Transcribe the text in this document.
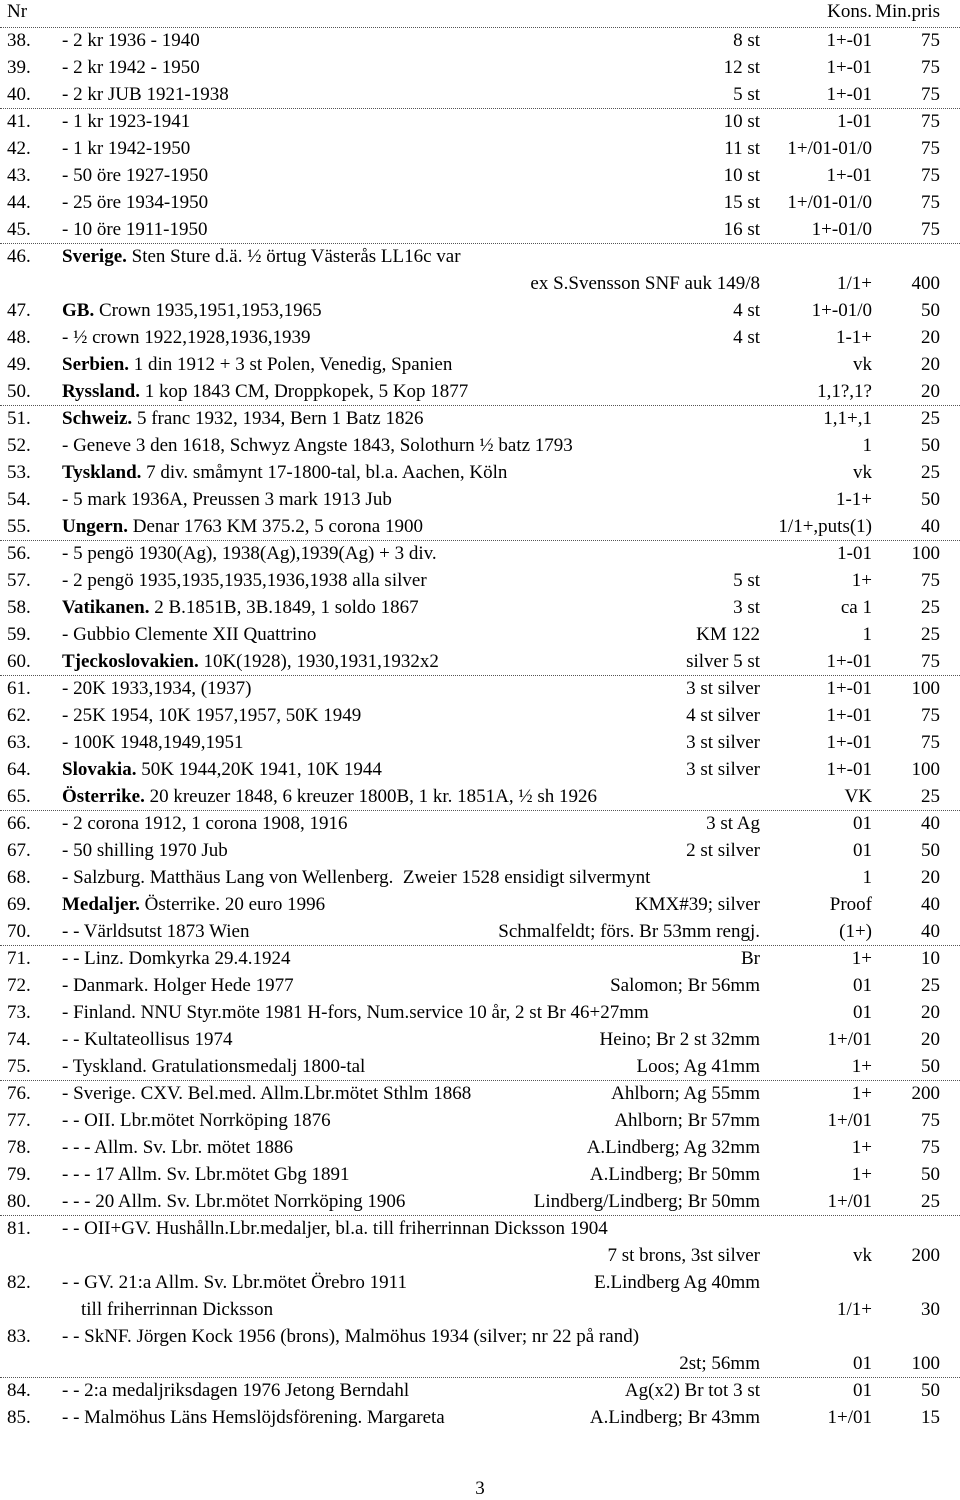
Nr	Kons. Min.pris
38. - 2 kr 1936 - 1940	8 st	1+-01	75
39. - 2 kr 1942 - 1950	12 st	1+-01	75
40. - 2 kr JUB 1921-1938	5 st	1+-01	75
41. - 1 kr 1923-1941	10 st	1-01	75
42. - 1 kr 1942-1950	11 st 1+/01-01/0	75
43. - 50 öre 1927-1950	10 st	1+-01	75
44. - 25 öre 1934-1950	15 st 1+/01-01/0	75
45. - 10 öre 1911-1950	16 st	1+-01/0	75
46. Sverige. Sten Sture d.ä. ½ örtug Västerås LL16c var
ex S.Svensson SNF auk 149/8	1/1+ 400
47. GB. Crown 1935,1951,1953,1965	4 st	1+-01/0	50
48. - ½ crown 1922,1928,1936,1939	4 st	1-1+	20
49. Serbien. 1 din 1912 + 3 st Polen, Venedig, Spanien	vk	20
50. Ryssland. 1 kop 1843 CM, Droppkopek, 5 Kop 1877	1,1?,1?	20
51. Schweiz. 5 franc 1932, 1934, Bern 1 Batz 1826	1,1+,1	25
52. - Geneve 3 den 1618, Schwyz Angste 1843, Solothurn ½ batz 1793	1	50
53. Tyskland. 7 div. småmynt 17-1800-tal, bl.a. Aachen, Köln	vk	25
54. - 5 mark 1936A, Preussen 3 mark 1913 Jub	1-1+	50
55. Ungern. Denar 1763 KM 375.2, 5 corona 1900	1/1+,puts(1)	40
56. - 5 pengö 1930(Ag), 1938(Ag),1939(Ag) + 3 div.	1-01 100
57. - 2 pengö 1935,1935,1935,1936,1938 alla silver	5 st	1+	75
58. Vatikanen. 2 B.1851B, 3B.1849, 1 soldo 1867	3 st	ca 1	25
59. - Gubbio Clemente XII Quattrino	KM 122	1	25
60. Tjeckoslovakien. 10K(1928), 1930,1931,1932x2	silver 5 st	1+-01	75
61. - 20K 1933,1934, (1937)	3 st silver	1+-01 100
62. - 25K 1954, 10K 1957,1957, 50K 1949	4 st silver	1+-01	75
63. - 100K 1948,1949,1951	3 st silver	1+-01	75
64. Slovakia. 50K 1944,20K 1941, 10K 1944	3 st silver	1+-01 100
65. Österrike. 20 kreuzer 1848, 6 kreuzer 1800B, 1 kr. 1851A, ½ sh 1926	VK	25
66. - 2 corona 1912, 1 corona 1908, 1916	3 st Ag	01	40
67. - 50 shilling 1970 Jub	2 st silver	01	50
68. - Salzburg. Matthäus Lang von Wellenberg.  Zweier 1528 ensidigt silvermynt	1	20
69. Medaljer. Österrike. 20 euro 1996	KMX#39; silver	Proof	40
70. - - Världsutst 1873 Wien	Schmalfeldt; förs. Br 53mm rengj.	(1+)	40
71. - - Linz. Domkyrka 29.4.1924	Br	1+	10
72. - Danmark. Holger Hede 1977	Salomon; Br 56mm	01	25
73. - Finland. NNU Styr.möte 1981 H-fors, Num.service 10 år, 2 st Br 46+27mm	01	20
74. - - Kultateollisus 1974	Heino; Br 2 st 32mm	1+/01	20
75. - Tyskland. Gratulationsmedalj 1800-tal	Loos; Ag 41mm	1+	50
76. - Sverige. CXV. Bel.med. Allm.Lbr.mötet Sthlm 1868	Ahlborn; Ag 55mm	1+ 200
77. - - OII. Lbr.mötet Norrköping 1876	Ahlborn; Br 57mm	1+/01	75
78. - - - Allm. Sv. Lbr. mötet 1886	A.Lindberg; Ag 32mm	1+	75
79. - - - 17 Allm. Sv. Lbr.mötet Gbg 1891	A.Lindberg; Br 50mm	1+	50
80. - - - 20 Allm. Sv. Lbr.mötet Norrköping 1906	Lindberg/Lindberg; Br 50mm	1+/01	25
81. - - OII+GV. Hushålln.Lbr.medaljer, bl.a. till friherrinnan Dicksson 1904
7 st brons, 3st silver	vk 200
82. - - GV. 21:a Allm. Sv. Lbr.mötet Örebro 1911	E.Lindberg Ag 40mm
till friherrinnan Dicksson	1/1+	30
83. - - SkNF. Jörgen Kock 1956 (brons), Malmöhus 1934 (silver; nr 22 på rand)
2st; 56mm	01 100
84. - - 2:a medaljriksdagen 1976 Jetong Berndahl	Ag(x2) Br tot 3 st	01	50
85. - - Malmöhus Läns Hemslöjdsförening. Margareta	A.Lindberg; Br 43mm	1+/01	15
3
